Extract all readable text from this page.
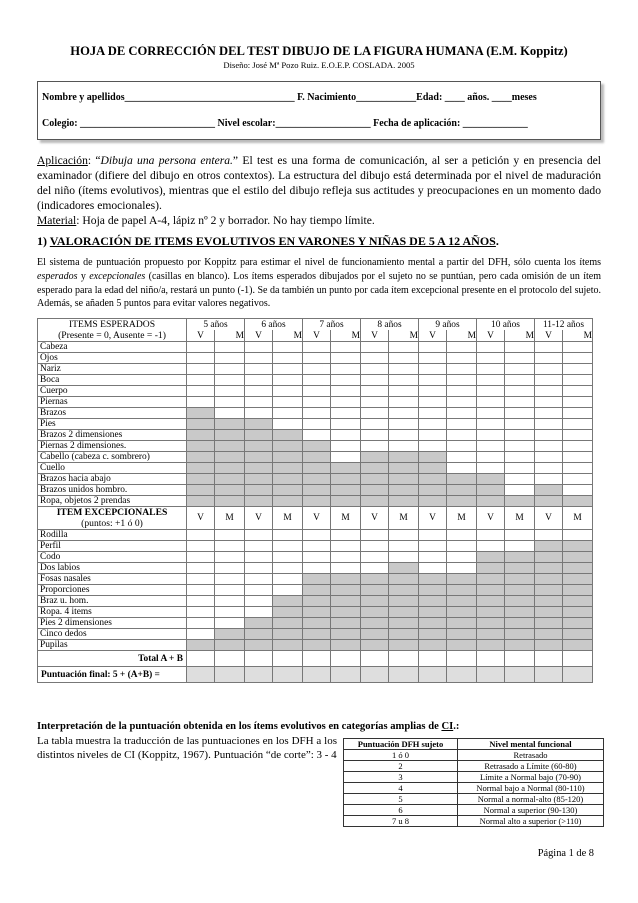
HOJA DE CORRECCIÓN DEL TEST DIBUJO DE LA FIGURA HUMANA (E.M. Koppitz)
Diseño: José Mª Pozo Ruiz. E.O.E.P. COSLADA. 2005
Nombre y apellidos__________________________________ F. Nacimiento____________Edad: ____ años. ____meses
Colegio: ___________________________ Nivel escolar:___________________ Fecha de aplicación: _____________
Aplicación: “Dibuja una persona entera.” El test es una forma de comunicación, al ser a petición y en presencia del examinador (difiere del dibujo en otros contextos). La estructura del dibujo está determinada por el nivel de maduración del niño (ítems evolutivos), mientras que el estilo del dibujo refleja sus actitudes y preocupaciones en un momento dado (indicadores emocionales).
Material: Hoja de papel A-4, lápiz nº 2 y borrador. No hay tiempo límite.
1) VALORACIÓN DE ITEMS EVOLUTIVOS EN VARONES Y NIÑAS DE 5 A 12 AÑOS.
El sistema de puntuación propuesto por Koppitz para estimar el nivel de funcionamiento mental a partir del DFH, sólo cuenta los ítems esperados y excepcionales (casillas en blanco). Los ítems esperados dibujados por el sujeto no se puntúan, pero cada omisión de un ítem esperado para la edad del niño/a, restará un punto (-1). Se da también un punto por cada ítem excepcional presente en el protocolo del sujeto. Además, se añaden 5 puntos para evitar valores negativos.
ITEMS ESPERADOS
(Presente = 0, Ausente = -1)	5 años		6 años		7 años		8 años		9 años		10 años		11-12 años	
	V	M	V	M	V	M	V	M	V	M	V	M	V	M
Cabeza														
Ojos														
Nariz														
Boca														
Cuerpo														
Piernas														
Brazos														
Pies														
Brazos 2 dimensiones														
Piernas 2 dimensiones.														
Cabello (cabeza c. sombrero)														
Cuello														
Brazos hacia abajo														
Brazos unidos hombro.														
Ropa, objetos 2 prendas														

ITEM EXCEPCIONALES
(puntos: +1 ó 0)	V	M	V	M	V	M	V	M	V	M	V	M	V	M
Rodilla														
Perfil														
Codo														
Dos labios														
Fosas nasales														
Proporciones														
Braz u. hom.														
Ropa. 4 items														
Pies 2 dimensiones														
Cinco dedos														
Pupilas														
Total A + B														
Puntuación final: 5 + (A+B) =														
Interpretación de la puntuación obtenida en los ítems evolutivos en categorías amplias de CI.:
La tabla muestra la traducción de las puntuaciones en los DFH a los distintos niveles de CI (Koppitz, 1967). Puntuación “de corte”: 3 - 4
Puntuación DFH sujeto	Nivel mental funcional
1 ó 0	Retrasado
2	Retrasado a Límite (60-80)
3	Límite a Normal bajo (70-90)
4	Normal bajo a Normal (80-110)
5	Normal a normal-alto (85-120)
6	Normal a superior (90-130)
7 u 8	Normal alto a superior (>110)
Página 1 de 8
